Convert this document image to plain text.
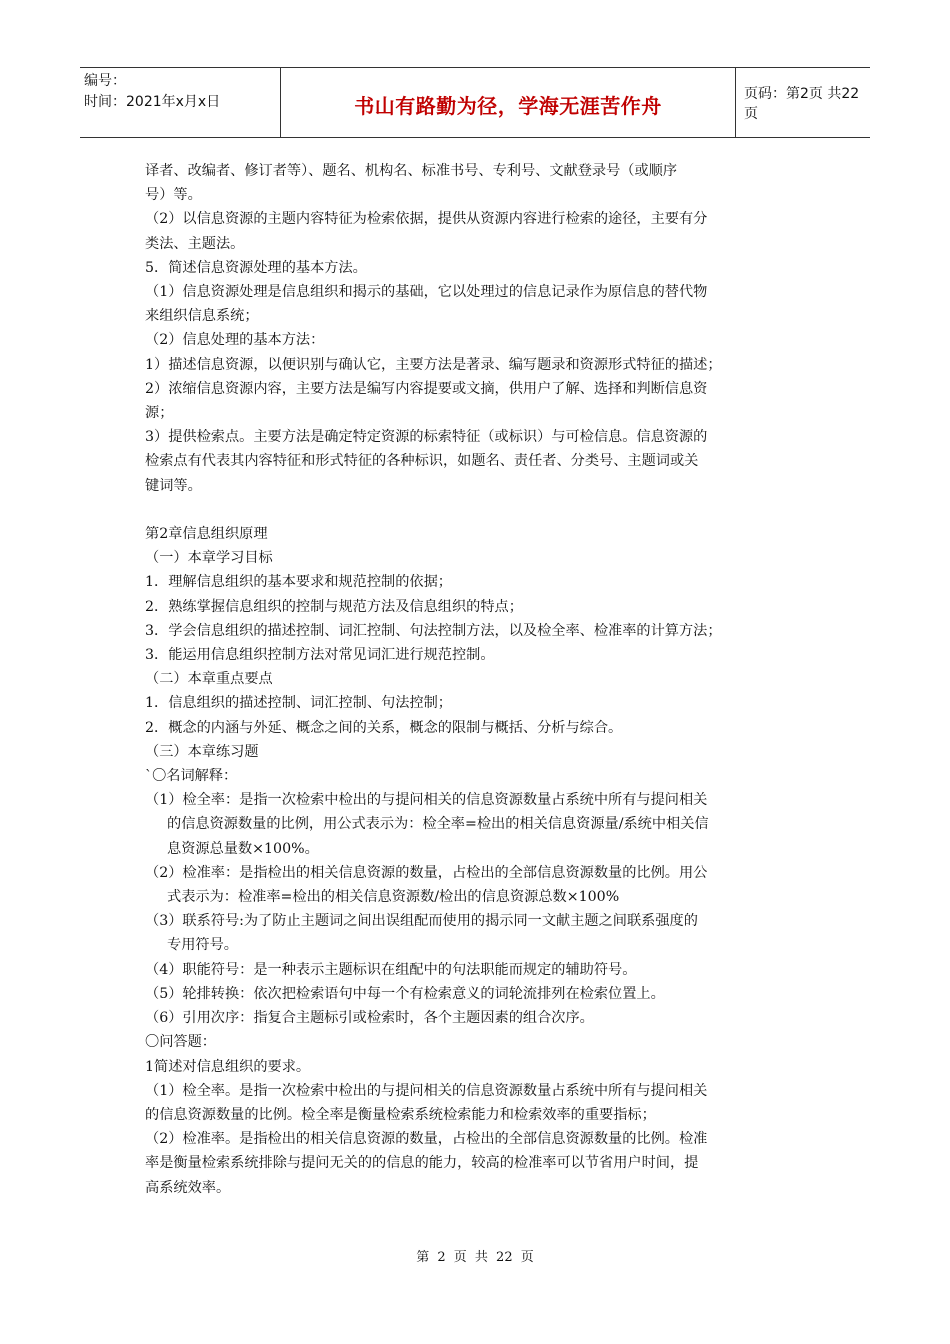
编号：
时间：2021年x月x日	书山有路勤为径，学海无涯苦作舟
页码：第2页 共22页

译者、改编者、修订者等）、题名、机构名、标准书号、专利号、文献登录号（或顺序

号）等。

（2）以信息资源的主题内容特征为检索依据，提供从资源内容进行检索的途径，主要有分

类法、主题法。

5．简述信息资源处理的基本方法。

（1）信息资源处理是信息组织和揭示的基础，它以处理过的信息记录作为原信息的替代物

来组织信息系统；

（2）信息处理的基本方法：

1）描述信息资源，以便识别与确认它，主要方法是著录、编写题录和资源形式特征的描述；

2）浓缩信息资源内容，主要方法是编写内容提要或文摘，供用户了解、选择和判断信息资

源；

3）提供检索点。主要方法是确定特定资源的标索特征（或标识）与可检信息。信息资源的

检索点有代表其内容特征和形式特征的各种标识，如题名、责任者、分类号、主题词或关

键词等。

第2章信息组织原理

（一）本章学习目标

1．理解信息组织的基本要求和规范控制的依据；

2．熟练掌握信息组织的控制与规范方法及信息组织的特点；

3．学会信息组织的描述控制、词汇控制、句法控制方法，以及检全率、检准率的计算方法；

3．能运用信息组织控制方法对常见词汇进行规范控制。

（二）本章重点要点

1．信息组织的描述控制、词汇控制、句法控制；

2．概念的内涵与外延、概念之间的关系，概念的限制与概括、分析与综合。

（三）本章练习题

`〇名词解释：

（1）检全率：是指一次检索中检出的与提问相关的信息资源数量占系统中所有与提问相关

的信息资源数量的比例，用公式表示为：检全率=检出的相关信息资源量/系统中相关信

息资源总量数×100%。

（2）检准率：是指检出的相关信息资源的数量，占检出的全部信息资源数量的比例。用公

式表示为：检准率=检出的相关信息资源数/检出的信息资源总数×100%

（3）联系符号:为了防止主题词之间出误组配而使用的揭示同一文献主题之间联系强度的

专用符号。

（4）职能符号：是一种表示主题标识在组配中的句法职能而规定的辅助符号。

（5）轮排转换：依次把检索语句中每一个有检索意义的词轮流排列在检索位置上。

（6）引用次序：指复合主题标引或检索时，各个主题因素的组合次序。

〇问答题：

1简述对信息组织的要求。

（1）检全率。是指一次检索中检出的与提问相关的信息资源数量占系统中所有与提问相关

的信息资源数量的比例。检全率是衡量检索系统检索能力和检索效率的重要指标；

（2）检准率。是指检出的相关信息资源的数量，占检出的全部信息资源数量的比例。检准

率是衡量检索系统排除与提问无关的的信息的能力，较高的检准率可以节省用户时间，提

高系统效率。

第 2 页 共 22 页
